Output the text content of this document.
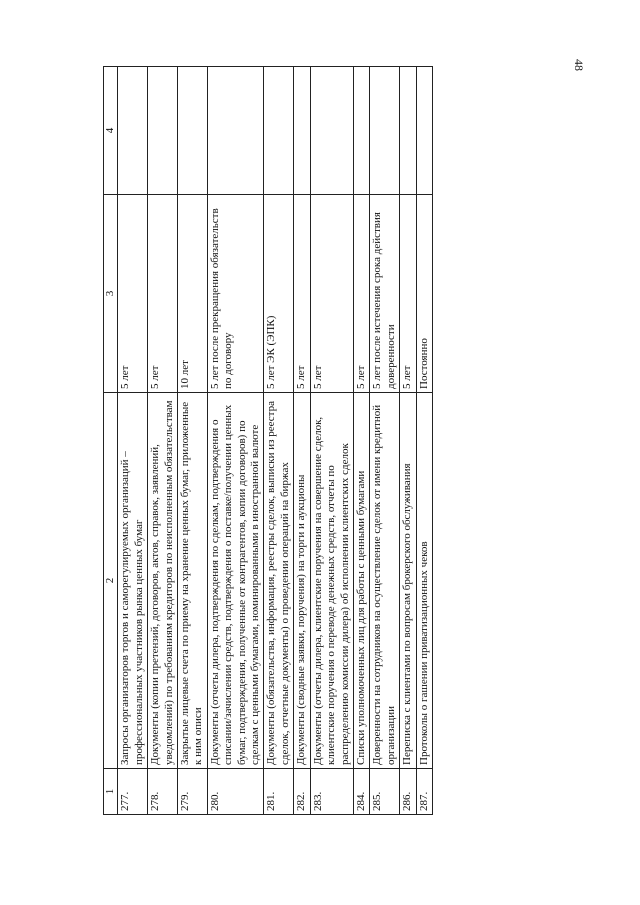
48
1	2	3	4
277.	Запросы организаторов торгов и саморегулируемых организаций – профессиональных участников рынка ценных бумаг	5 лет	
278.	Документы (копии претензий, договоров, актов, справок, заявлений, уведомлений) по требованиям кредиторов по неисполненным обязательствам	5 лет	
279.	Закрытые лицевые счета по приему на хранение ценных бумаг, приложенные к ним описи	10 лет	
280.	Документы (отчеты дилера, подтверждения по сделкам, подтверждения о списании/зачислении средств, подтверждения о поставке/получении ценных бумаг, подтверждения, полученные от контрагентов, копии договоров) по сделкам с ценными бумагами, номинированными в иностранной валюте	5 лет после прекращения обязательств по договору	
281.	Документы (обязательства, информация, реестры сделок, выписки из реестра сделок, отчетные документы) о проведении операций на биржах	5 лет ЭК (ЭПК)	
282.	Документы (сводные заявки, поручения) на торги и аукционы	5 лет	
283.	Документы (отчеты дилера, клиентские поручения на совершение сделок, клиентские поручения о переводе денежных средств, отчеты по распределению комиссии дилера) об исполнении клиентских сделок	5 лет	
284.	Списки уполномоченных лиц для работы с ценными бумагами	5 лет	
285.	Доверенности на сотрудников на осуществление сделок от имени кредитной организации	5 лет после истечения срока действия доверенности	
286.	Переписка с клиентами по вопросам брокерского обслуживания	5 лет	
287.	Протоколы о гашении приватизационных чеков	Постоянно	
